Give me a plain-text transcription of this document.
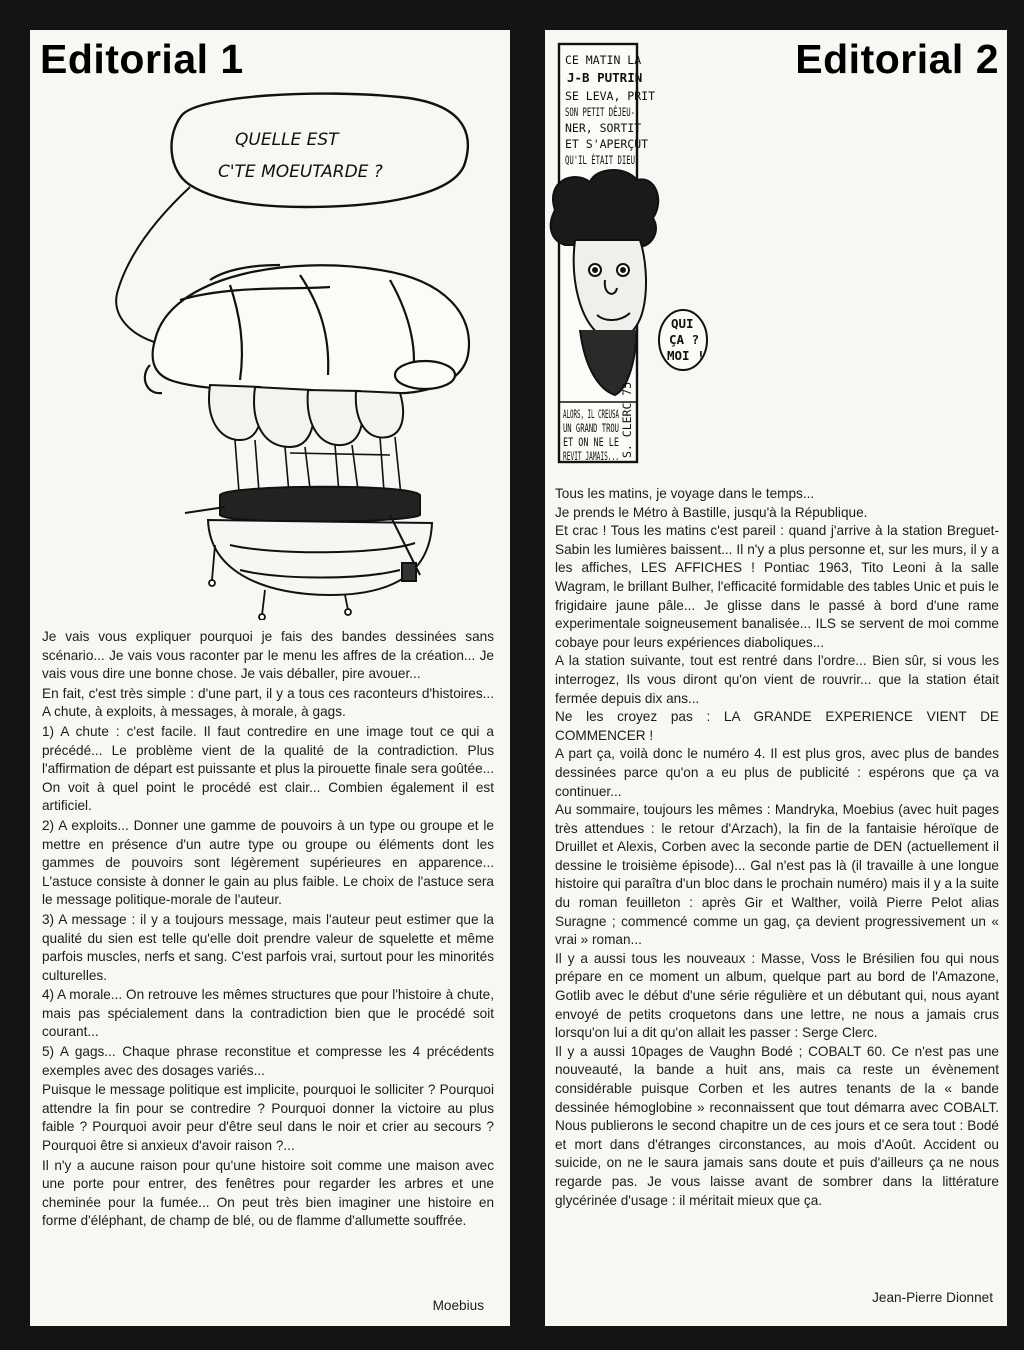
Editorial 1
QUELLE EST
C'TE MOEUTARDE ?

Je vais vous expliquer pourquoi je fais des bandes dessinées sans scénario... Je vais vous raconter par le menu les affres de la création... Je vais vous dire une bonne chose. Je vais déballer, pire avouer...

En fait, c'est très simple : d'une part, il y a tous ces raconteurs d'histoires... A chute, à exploits, à messages, à morale, à gags.

1) A chute : c'est facile. Il faut contredire en une image tout ce qui a précédé... Le problème vient de la qualité de la contradiction. Plus l'affirmation de départ est puissante et plus la pirouette finale sera goûtée... On voit à quel point le procédé est clair... Combien également il est artificiel.

2) A exploits... Donner une gamme de pouvoirs à un type ou groupe et le mettre en présence d'un autre type ou groupe ou éléments dont les gammes de pouvoirs sont légèrement supérieures en apparence... L'astuce consiste à donner le gain au plus faible. Le choix de l'astuce sera le message politique-morale de l'auteur.

3) A message : il y a toujours message, mais l'auteur peut estimer que la qualité du sien est telle qu'elle doit prendre valeur de squelette et même parfois muscles, nerfs et sang. C'est parfois vrai, surtout pour les minorités culturelles.

4) A morale... On retrouve les mêmes structures que pour l'histoire à chute, mais pas spécialement dans la contradiction bien que le procédé soit courant...

5) A gags... Chaque phrase reconstitue et compresse les 4 précédents exemples avec des dosages variés...

Puisque le message politique est implicite, pourquoi le solliciter ? Pourquoi attendre la fin pour se contredire ? Pourquoi donner la victoire au plus faible ? Pourquoi avoir peur d'être seul dans le noir et crier au secours ? Pourquoi être si anxieux d'avoir raison ?...

Il n'y a aucune raison pour qu'une histoire soit comme une maison avec une porte pour entrer, des fenêtres pour regarder les arbres et une cheminée pour la fumée... On peut très bien imaginer une histoire en forme d'éléphant, de champ de blé, ou de flamme d'allumette souffrée.

Moebius
Editorial 2
CE MATIN LA
J-B PUTRIN
SE LEVA, PRIT
SON PETIT DÉJEU-
NER, SORTIT
ET S'APERÇUT
QU'IL ÉTAIT DIEU
QUI
ÇA ?
MOI !
ALORS, IL CREUSA
UN GRAND TROU
ET ON NE LE
REVIT JAMAIS... S. CLERC 75

Tous les matins, je voyage dans le temps...

Je prends le Métro à Bastille, jusqu'à la République.

Et crac ! Tous les matins c'est pareil : quand j'arrive à la station Breguet-Sabin les lumières baissent... Il n'y a plus personne et, sur les murs, il y a les affiches, LES AFFICHES ! Pontiac 1963, Tito Leoni à la salle Wagram, le brillant Bulher, l'efficacité formidable des tables Unic et puis le frigidaire jaune pâle... Je glisse dans le passé à bord d'une rame experimentale soigneusement banalisée... ILS se servent de moi comme cobaye pour leurs expériences diaboliques...

A la station suivante, tout est rentré dans l'ordre... Bien sûr, si vous les interrogez, Ils vous diront qu'on vient de rouvrir... que la station était fermée depuis dix ans...

Ne les croyez pas : LA GRANDE EXPERIENCE VIENT DE COMMENCER !

A part ça, voilà donc le numéro 4. Il est plus gros, avec plus de bandes dessinées parce qu'on a eu plus de publicité : espérons que ça va continuer...

Au sommaire, toujours les mêmes : Mandryka, Moebius (avec huit pages très attendues : le retour d'Arzach), la fin de la fantaisie héroïque de Druillet et Alexis, Corben avec la seconde partie de DEN (actuellement il dessine le troisième épisode)... Gal n'est pas là (il travaille à une longue histoire qui paraîtra d'un bloc dans le prochain numéro) mais il y a la suite du roman feuilleton : après Gir et Walther, voilà Pierre Pelot alias Suragne ; commencé comme un gag, ça devient progressivement un « vrai » roman...

Il y a aussi tous les nouveaux : Masse, Voss le Brésilien fou qui nous prépare en ce moment un album, quelque part au bord de l'Amazone, Gotlib avec le début d'une série régulière et un débutant qui, nous ayant envoyé de petits croquetons dans une lettre, ne nous a jamais crus lorsqu'on lui a dit qu'on allait les passer : Serge Clerc.

Il y a aussi 10pages de Vaughn Bodé ; COBALT 60. Ce n'est pas une nouveauté, la bande a huit ans, mais ca reste un évènement considérable puisque Corben et les autres tenants de la « bande dessinée hémoglobine » reconnaissent que tout démarra avec COBALT. Nous publierons le second chapitre un de ces jours et ce sera tout : Bodé et mort dans d'étranges circonstances, au mois d'Août. Accident ou suicide, on ne le saura jamais sans doute et puis d'ailleurs ça ne nous regarde pas. Je vous laisse avant de sombrer dans la littérature glycérinée d'usage : il méritait mieux que ça.

Jean-Pierre Dionnet
